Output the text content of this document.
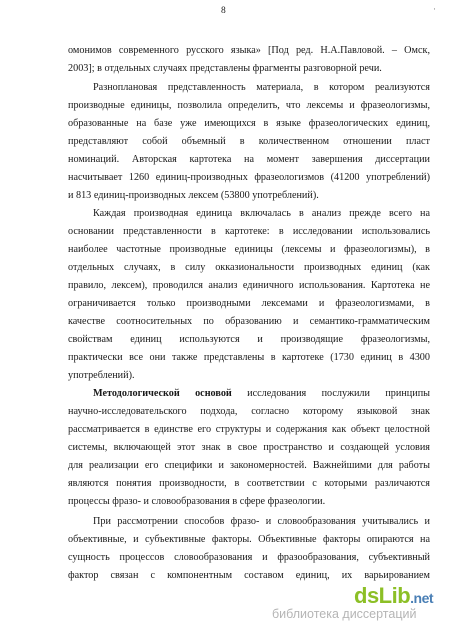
8	·
омонимов современного русского языка» [Под ред. Н.А.Павловой. – Омск,
2003]; в отдельных случаях представлены фрагменты разговорной речи.
Разноплановая представленность материала, в котором реализуются
производные единицы, позволила определить, что лексемы и фразеологизмы,
образованные на базе уже имеющихся в языке фразеологических единиц,
представляют собой объемный в количественном отношении пласт
номинаций. Авторская картотека на момент завершения диссертации
насчитывает 1260 единиц-производных фразеологизмов (41200 употреблений)
и 813 единиц-производных лексем (53800 употреблений).
Каждая производная единица включалась в анализ прежде всего на
основании представленности в картотеке: в исследовании использовались
наиболее частотные производные единицы (лексемы и фразеологизмы), в
отдельных случаях, в силу окказиональности производных единиц (как
правило, лексем), проводился анализ единичного использования. Картотека не
ограничивается только производными лексемами и фразеологизмами, в
качестве соотносительных по образованию и семантико-грамматическим
свойствам единиц используются и производящие фразеологизмы,
практически все они также представлены в картотеке (1730 единиц в 4300
употреблений).
Методологической основой исследования послужили принципы
научно-исследовательского подхода, согласно которому языковой знак
рассматривается в единстве его структуры и содержания как объект целостной
системы, включающей этот знак в свое пространство и создающей условия
для реализации его специфики и закономерностей. Важнейшими для работы
являются понятия производности, в соответствии с которыми различаются
процессы фразо- и словообразования в сфере фразеологии.
При рассмотрении способов фразо- и словообразования учитывались и
объективные, и субъективные факторы. Объективные факторы опираются на
сущность процессов словообразования и фразообразования, субъективный
фактор связан с компонентным составом единиц, их варьированием
dsLib.net
библиотека диссертаций
